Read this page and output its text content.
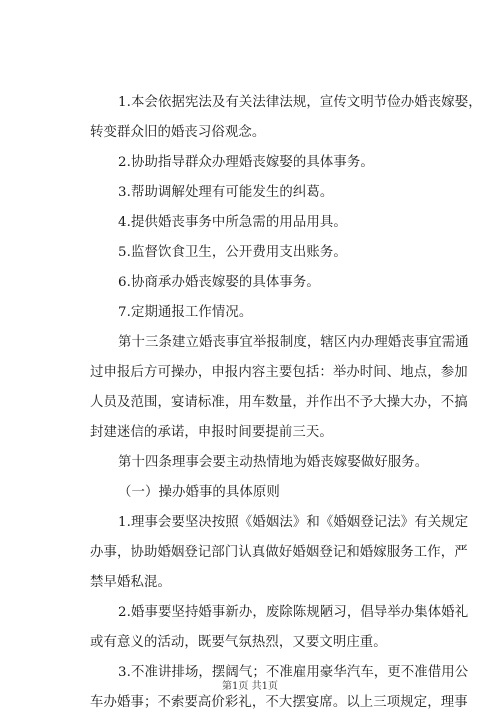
1.本会依据宪法及有关法律法规，宣传文明节俭办婚丧嫁娶，
转变群众旧的婚丧习俗观念。
2.协助指导群众办理婚丧嫁娶的具体事务。
3.帮助调解处理有可能发生的纠葛。
4.提供婚丧事务中所急需的用品用具。
5.监督饮食卫生，公开费用支出账务。
6.协商承办婚丧嫁娶的具体事务。
7.定期通报工作情况。
第十三条建立婚丧事宜举报制度，辖区内办理婚丧事宜需通
过申报后方可操办，申报内容主要包括：举办时间、地点，参加
人员及范围，宴请标准，用车数量，并作出不予大操大办，不搞
封建迷信的承诺，申报时间要提前三天。
第十四条理事会要主动热情地为婚丧嫁娶做好服务。
（一）操办婚事的具体原则
1.理事会要坚决按照《婚姻法》和《婚姻登记法》有关规定
办事，协助婚姻登记部门认真做好婚姻登记和婚嫁服务工作，严
禁早婚私混。
2.婚事要坚持婚事新办，废除陈规陋习，倡导举办集体婚礼
或有意义的活动，既要气氛热烈，又要文明庄重。
3.不准讲排场，摆阔气；不准雇用豪华汽车，更不准借用公
车办婚事；不索要高价彩礼，不大摆宴席。以上三项规定，理事
第1页 共1页
